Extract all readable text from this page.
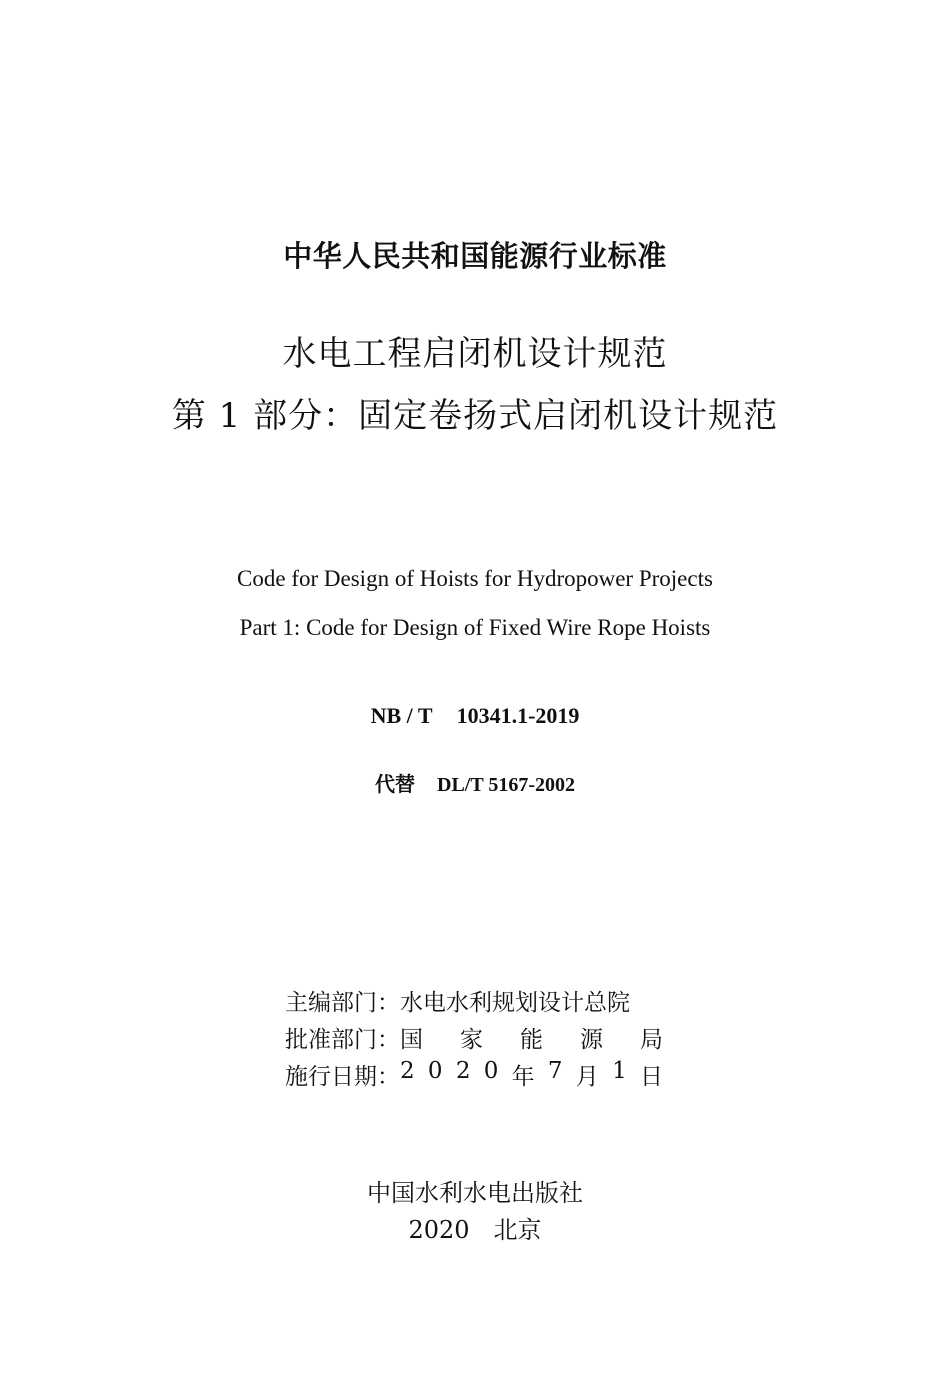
中华人民共和国能源行业标准
水电工程启闭机设计规范
第 1 部分：固定卷扬式启闭机设计规范
Code for Design of Hoists for Hydropower Projects
Part 1: Code for Design of Fixed Wire Rope Hoists
NB / T 10341.1-2019
代替 DL/T 5167-2002
主编部门： 水电水利规划设计总院
批准部门： 国 家 能 源 局
施行日期： 2 0 2 0 年 7 月 1 日
中国水利水电出版社
2020 北京
